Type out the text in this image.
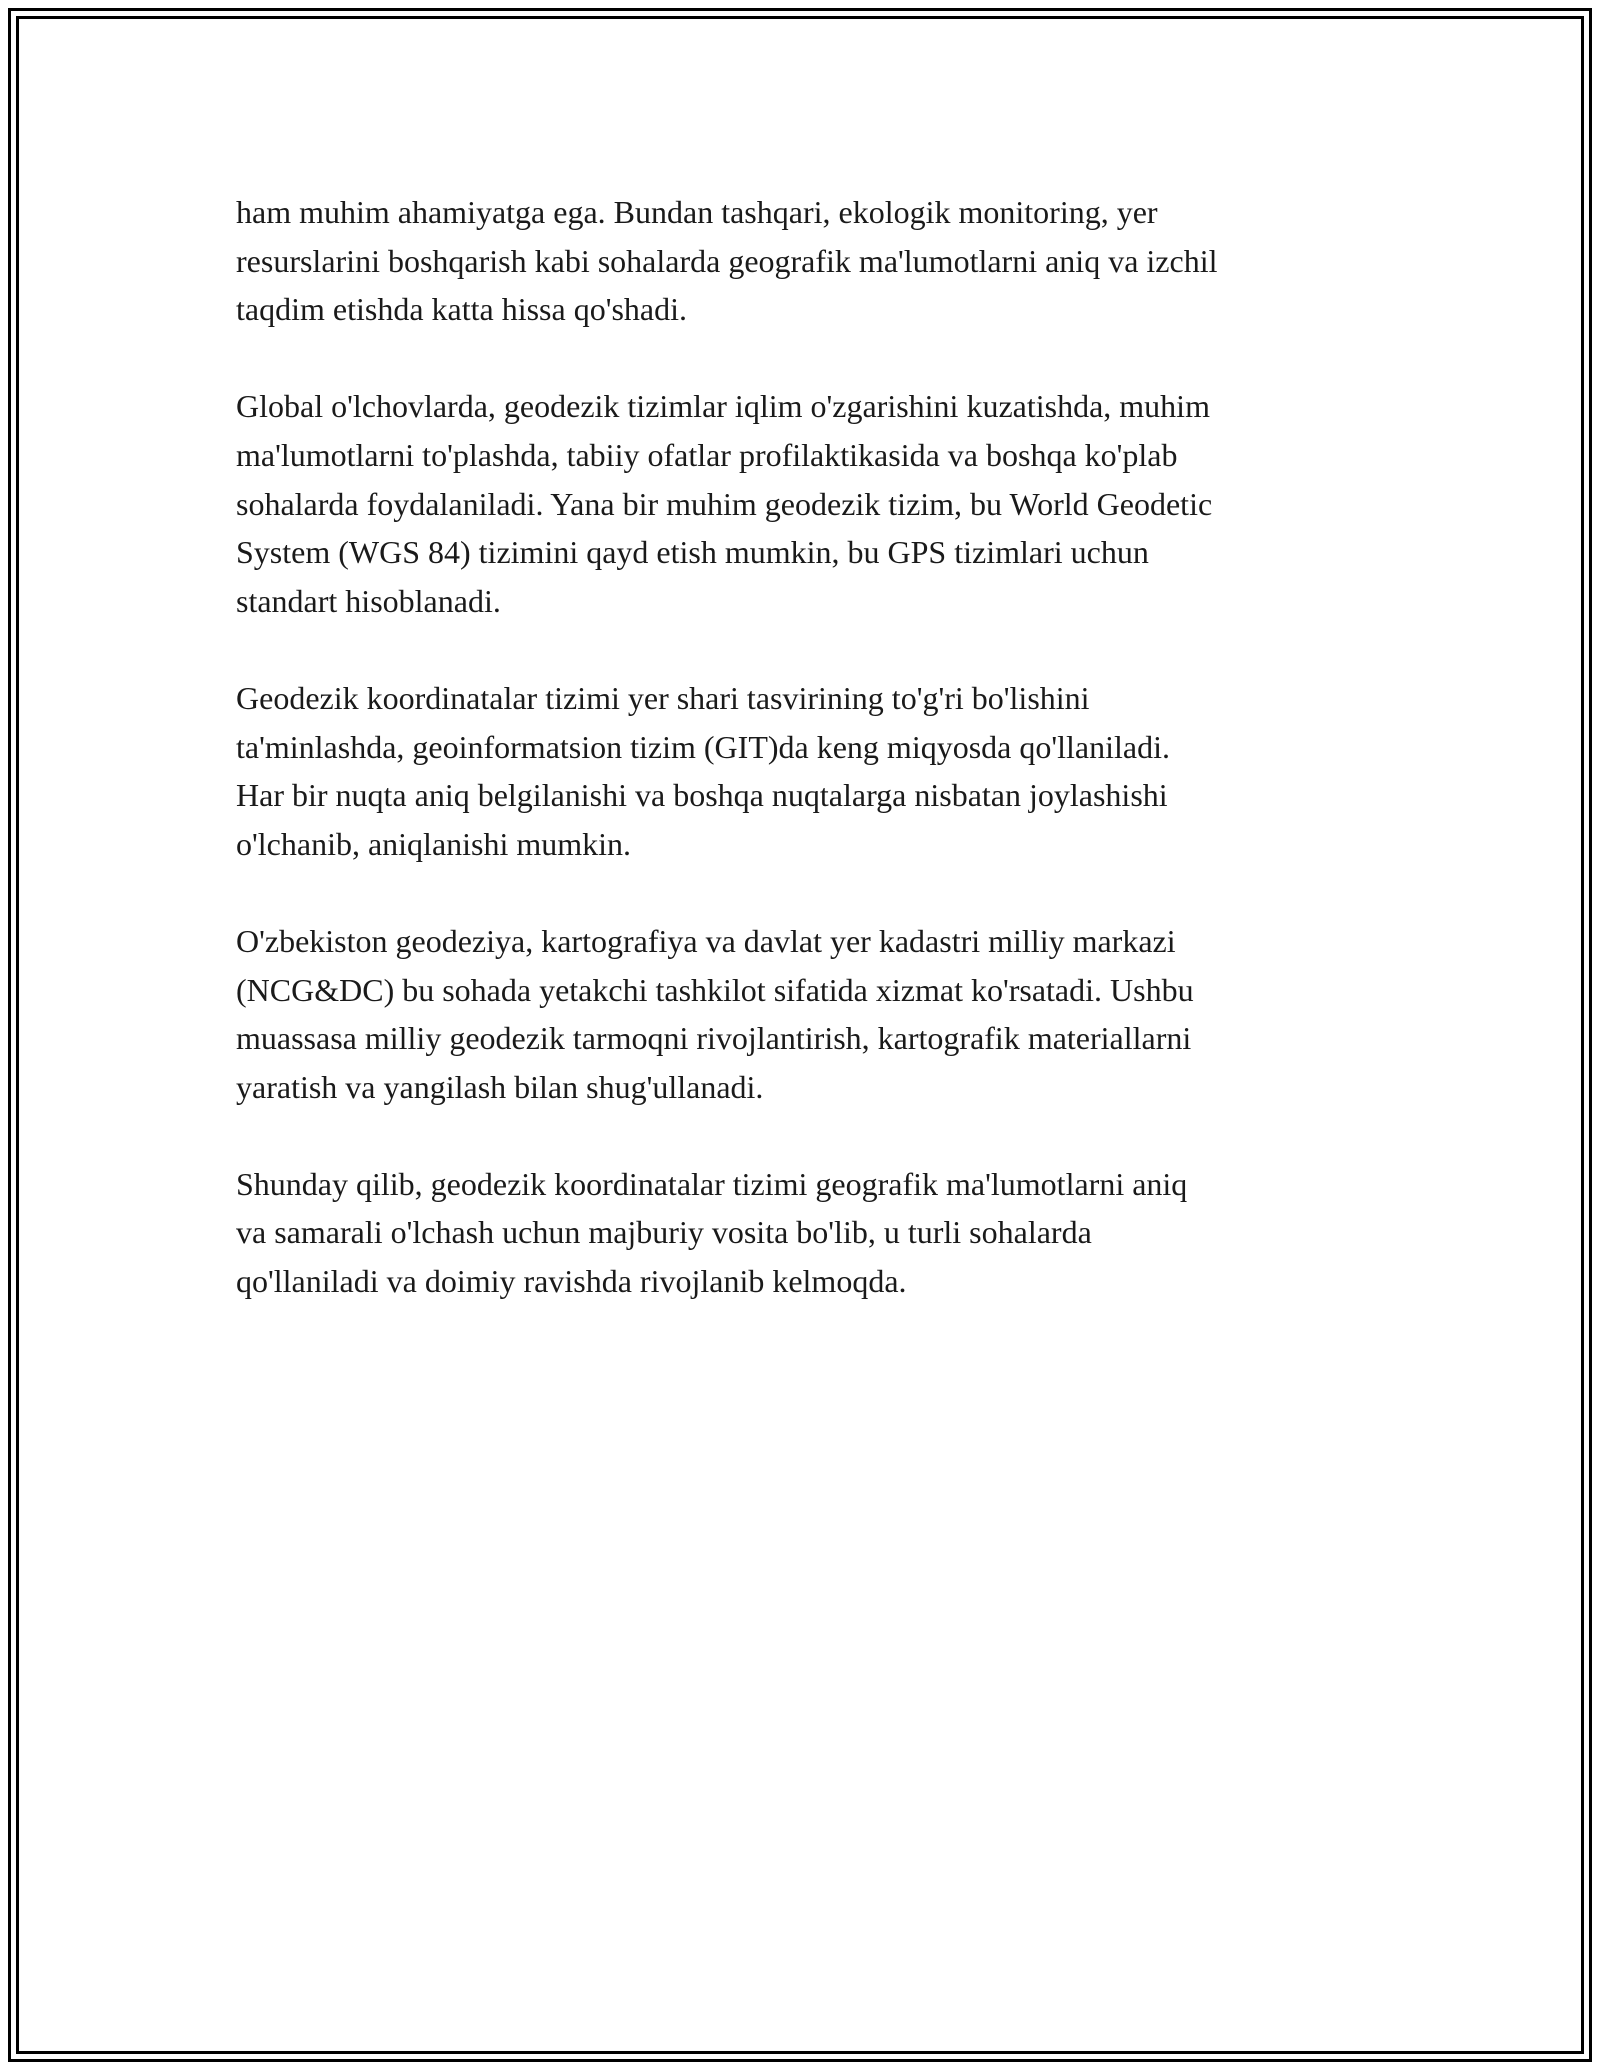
ham muhim ahamiyatga ega. Bundan tashqari, ekologik monitoring, yer
resurslarini boshqarish kabi sohalarda geografik ma'lumotlarni aniq va izchil
taqdim etishda katta hissa qo'shadi.

Global o'lchovlarda, geodezik tizimlar iqlim o'zgarishini kuzatishda, muhim
ma'lumotlarni to'plashda, tabiiy ofatlar profilaktikasida va boshqa ko'plab
sohalarda foydalaniladi. Yana bir muhim geodezik tizim, bu World Geodetic
System (WGS 84) tizimini qayd etish mumkin, bu GPS tizimlari uchun
standart hisoblanadi.

Geodezik koordinatalar tizimi yer shari tasvirining to'g'ri bo'lishini
ta'minlashda, geoinformatsion tizim (GIT)da keng miqyosda qo'llaniladi.
Har bir nuqta aniq belgilanishi va boshqa nuqtalarga nisbatan joylashishi
o'lchanib, aniqlanishi mumkin.

O'zbekiston geodeziya, kartografiya va davlat yer kadastri milliy markazi
(NCG&DC) bu sohada yetakchi tashkilot sifatida xizmat ko'rsatadi. Ushbu
muassasa milliy geodezik tarmoqni rivojlantirish, kartografik materiallarni
yaratish va yangilash bilan shug'ullanadi.

Shunday qilib, geodezik koordinatalar tizimi geografik ma'lumotlarni aniq
va samarali o'lchash uchun majburiy vosita bo'lib, u turli sohalarda
qo'llaniladi va doimiy ravishda rivojlanib kelmoqda.
